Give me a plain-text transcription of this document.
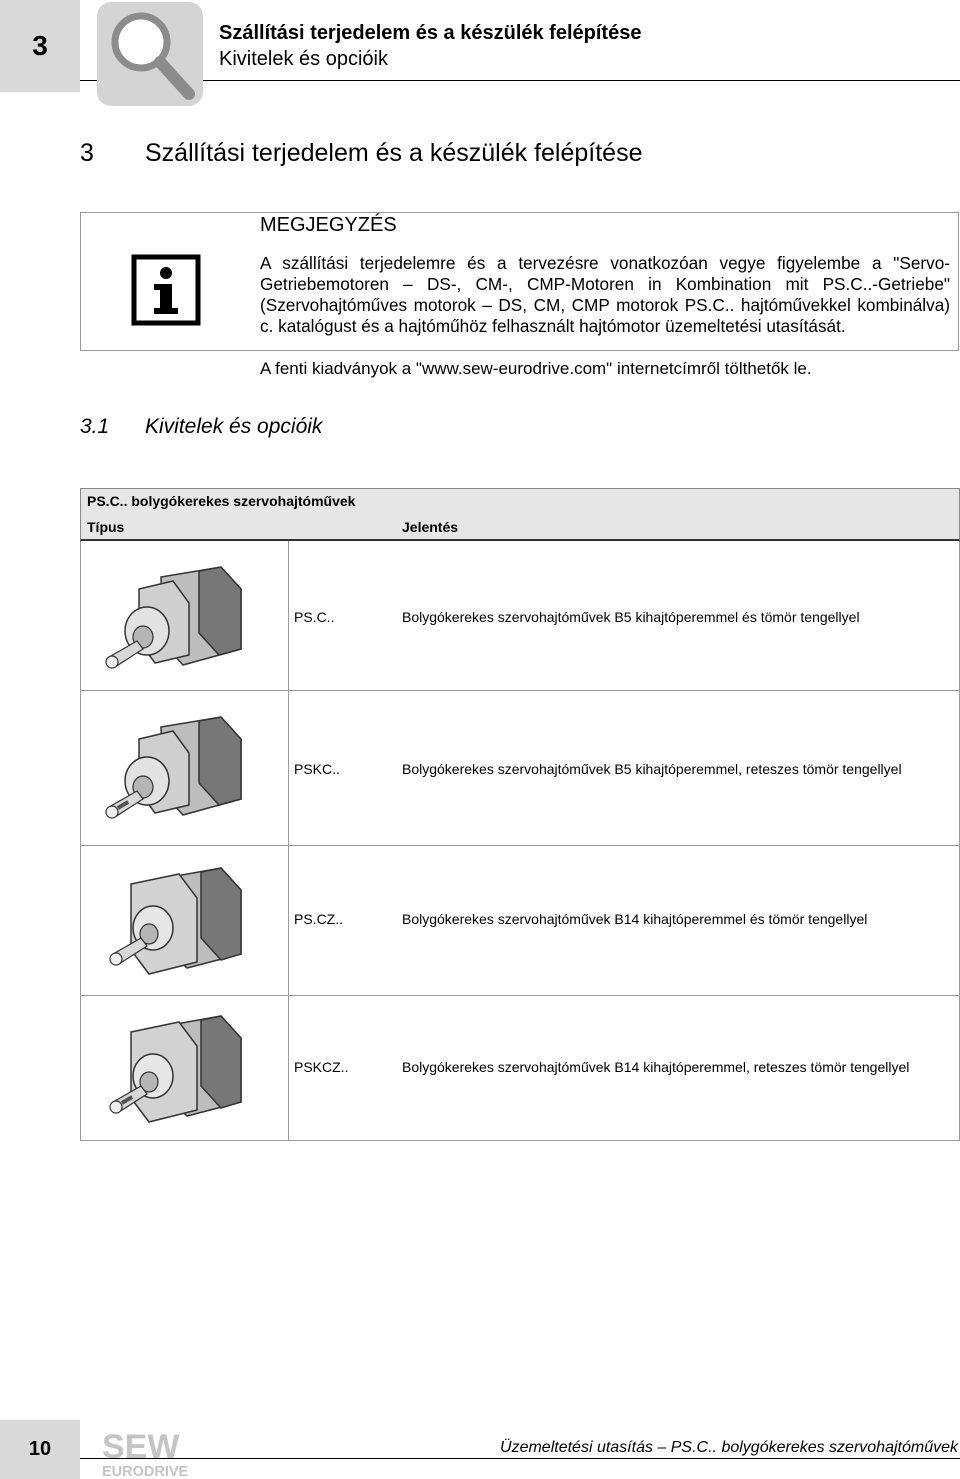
3	Szállítási terjedelem és a készülék felépítése
Kivitelek és opcióik
3 Szállítási terjedelem és a készülék felépítése
MEGJEGYZÉS
A szállítási terjedelemre és a tervezésre vonatkozóan vegye figyelembe a "Servo-Getriebemotoren – DS-, CM-, CMP-Motoren in Kombination mit PS.C..-Getriebe" (Szervohajtóműves motorok – DS, CM, CMP motorok PS.C.. hajtóművekkel kombinálva) c. katalógust és a hajtóműhöz felhasznált hajtómotor üzemeltetési utasítását.
A fenti kiadványok a "www.sew-eurodrive.com" internetcímről tölthetők le.
3.1 Kivitelek és opcióik
PS.C.. bolygókerekes szervohajtóművek
Típus	Jelentés
PS.C..	Bolygókerekes szervohajtóművek B5 kihajtóperemmel és tömör tengellyel
PSKC..	Bolygókerekes szervohajtóművek B5 kihajtóperemmel, reteszes tömör tengellyel
PS.CZ..	Bolygókerekes szervohajtóművek B14 kihajtóperemmel és tömör tengellyel
PSKCZ..	Bolygókerekes szervohajtóművek B14 kihajtóperemmel, reteszes tömör tengellyel
10 SEW
EURODRIVE
Üzemeltetési utasítás – PS.C.. bolygókerekes szervohajtóművek
